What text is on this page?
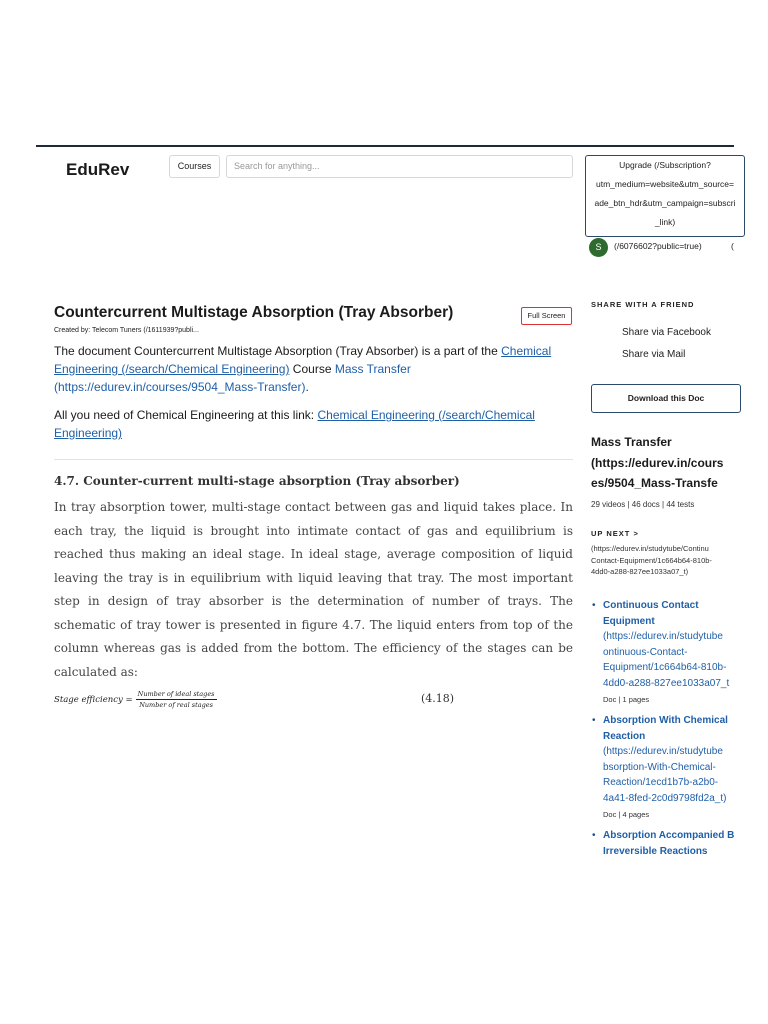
EduRev	Courses	Search for anything...	Upgrade (/Subscription?
utm_medium=website&utm_source=
ade_btn_hdr&utm_campaign=subscri
_link)
S	(/6076602?public=true)	(
Countercurrent Multistage Absorption (Tray Absorber)	Full Screen
Created by: Telecom Tuners (/1611939?publi...
The document Countercurrent Multistage Absorption (Tray Absorber) is a part of the Chemical Engineering (/search/Chemical Engineering) Course Mass Transfer (https://edurev.in/courses/9504_Mass-Transfer).
All you need of Chemical Engineering at this link: Chemical Engineering (/search/Chemical Engineering)
4.7. Counter-current multi-stage absorption (Tray absorber)
In tray absorption tower, multi-stage contact between gas and liquid takes place. In each tray, the liquid is brought into intimate contact of gas and equilibrium is reached thus making an ideal stage. In ideal stage, average composition of liquid leaving the tray is in equilibrium with liquid leaving that tray. The most important step in design of tray absorber is the determination of number of trays. The schematic of tray tower is presented in figure 4.7. The liquid enters from top of the column whereas gas is added from the bottom. The efficiency of the stages can be calculated as:
Stage efficiency = $\frac{\text{Number of ideal stages}}{\text{Number of real stages}}$	(4.18)
SHARE WITH A FRIEND
Share via Facebook
Share via Mail
Download this Doc
Mass Transfer
(https://edurev.in/cours
es/9504_Mass-Transfe
29 videos | 46 docs | 44 tests
UP NEXT >
(https://edurev.in/studytube/Continu
Contact-Equipment/1c664b64-810b-
4dd0-a288-827ee1033a07_t)
• Continuous Contact
Equipment
(https://edurev.in/studytube
ontinuous-Contact-
Equipment/1c664b64-810b-
4dd0-a288-827ee1033a07_t
Doc | 1 pages
• Absorption With Chemical
Reaction
(https://edurev.in/studytube
bsorption-With-Chemical-
Reaction/1ecd1b7b-a2b0-
4a41-8fed-2c0d9798fd2a_t)
Doc | 4 pages
• Absorption Accompanied B
Irreversible Reactions
